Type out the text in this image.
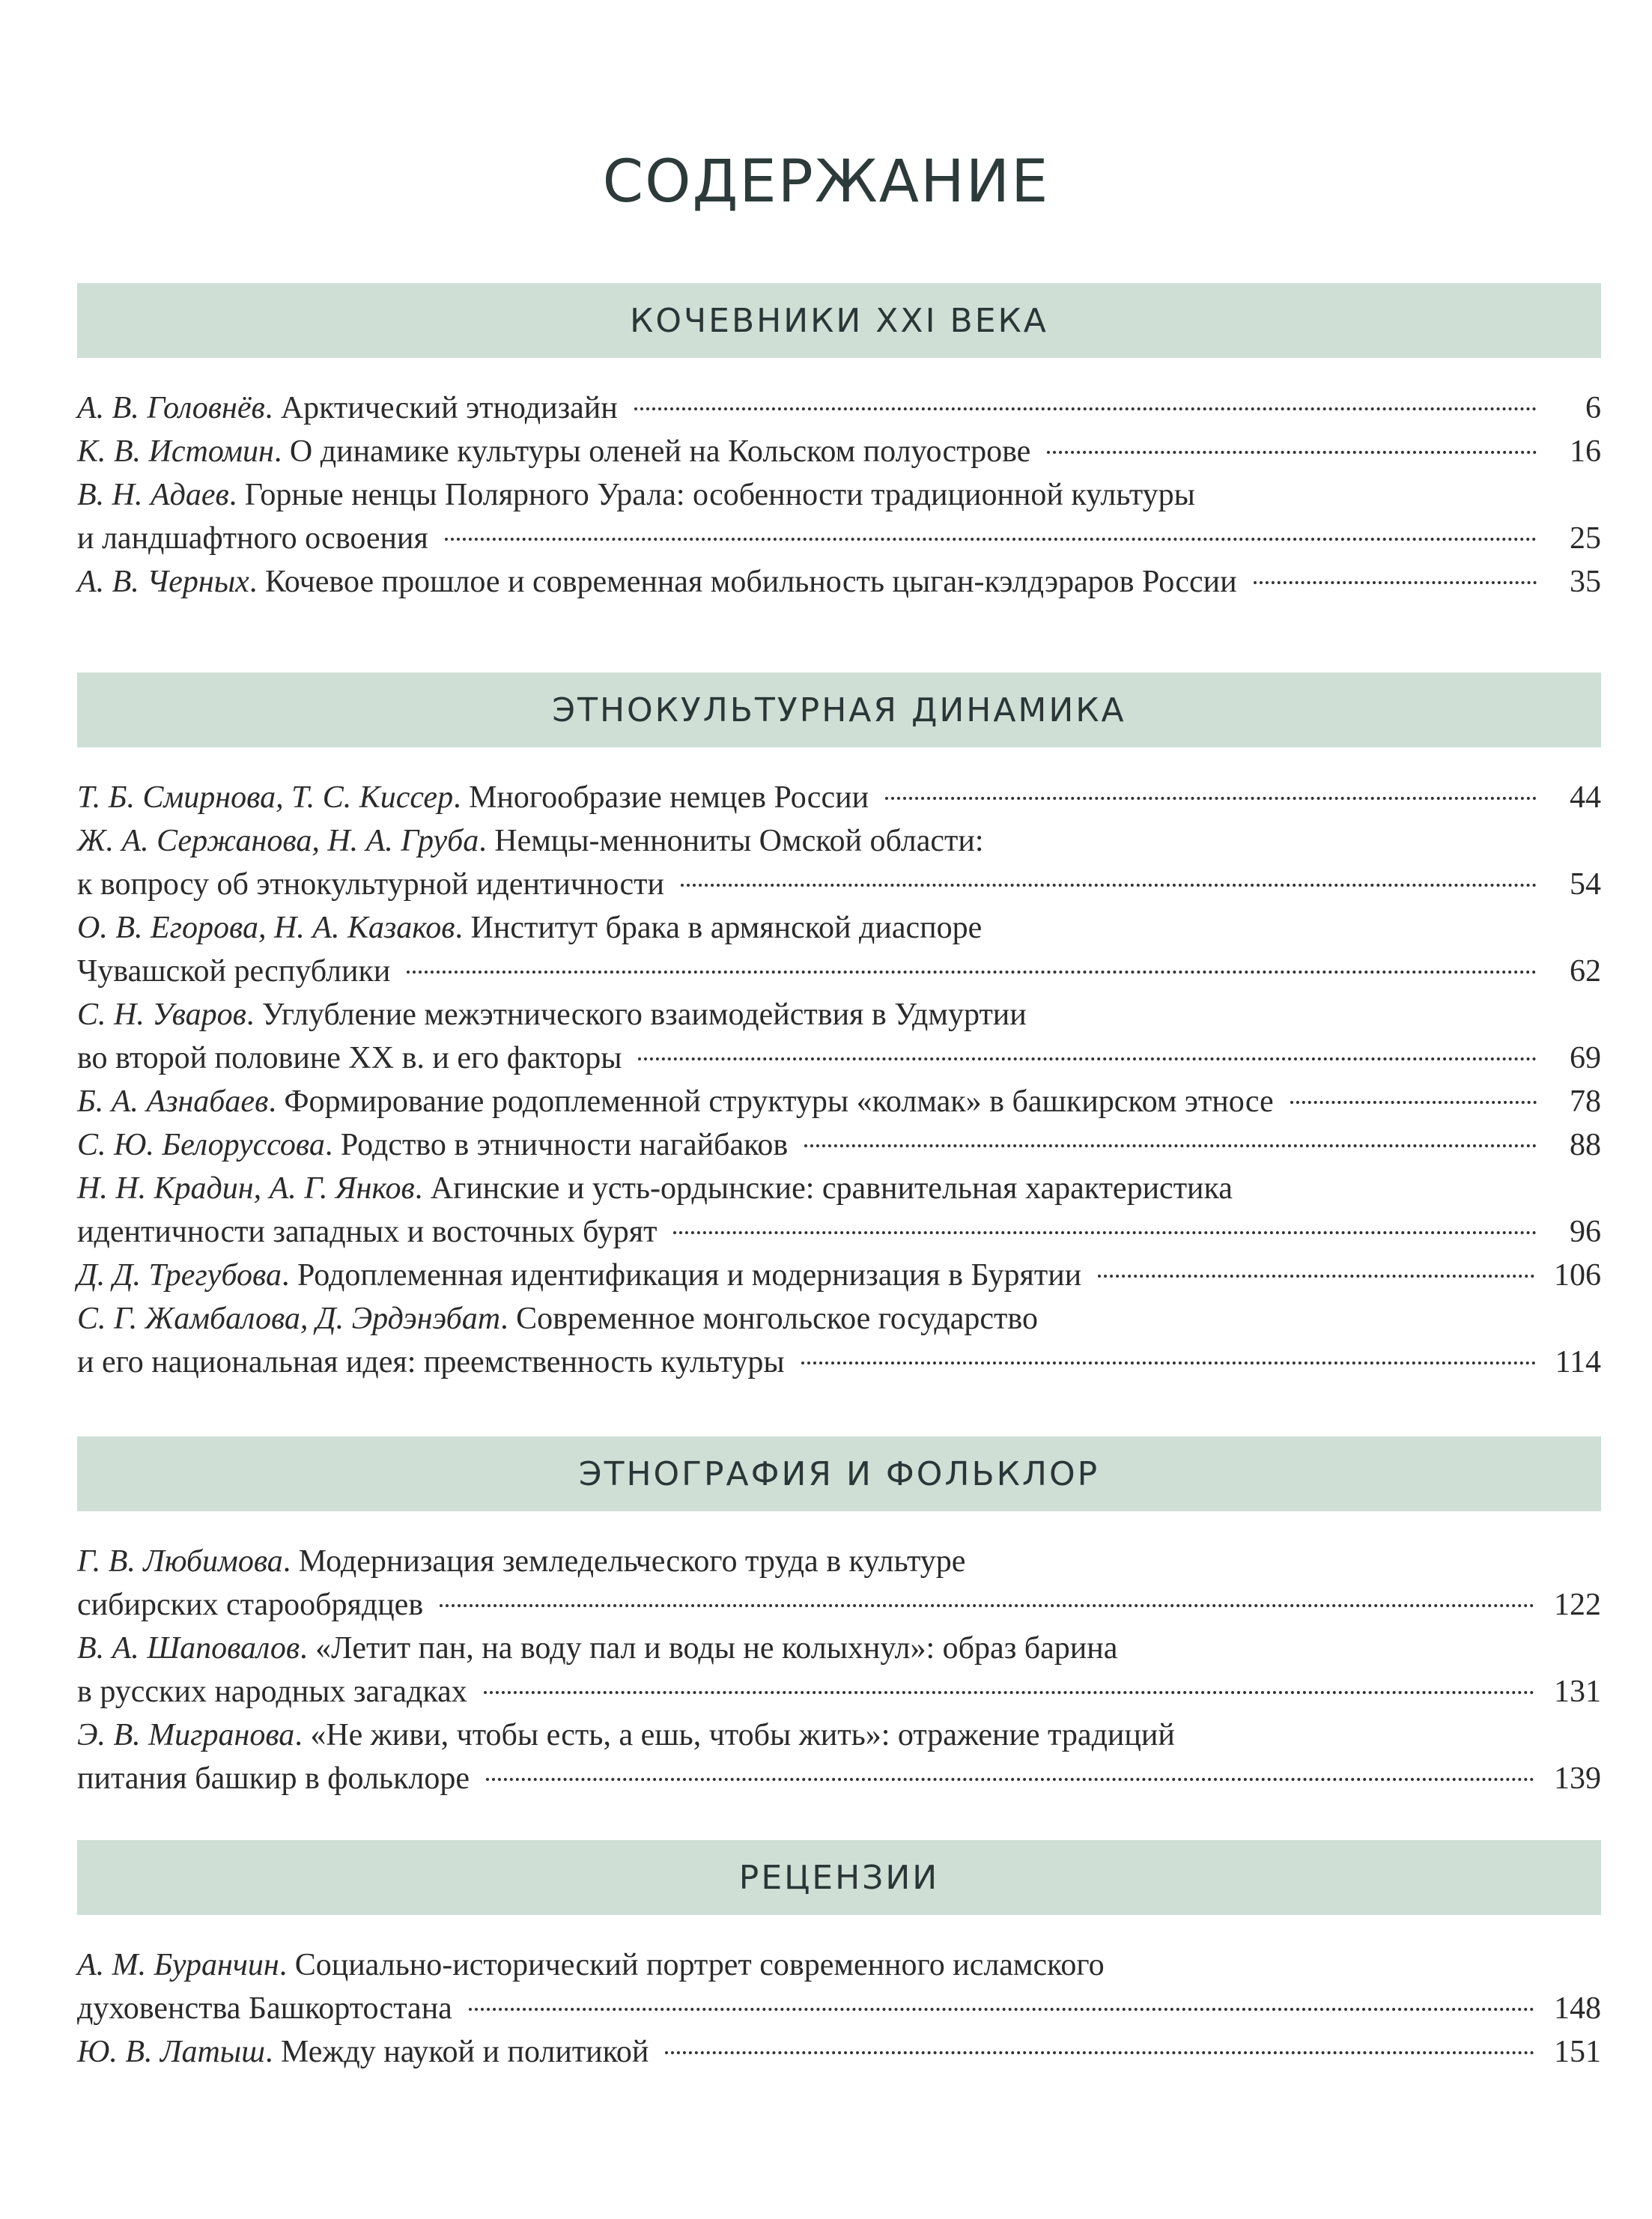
СОДЕРЖАНИЕ
КОЧЕВНИКИ XXI ВЕКА
А. В. Головнёв . Арктический этнодизайн	6
К. В. Истомин . О динамике культуры оленей на Кольском полуострове	16
В. Н. Адаев . Горные ненцы Полярного Урала: особенности традиционной культуры
и ландшафтного освоения	25
А. В. Черных . Кочевое прошлое и современная мобильность цыган-кэлдэраров России	35
ЭТНОКУЛЬТУРНАЯ ДИНАМИКА
Т. Б. Смирнова, Т. С. Киссер . Многообразие немцев России	44
Ж. А. Сержанова, Н. А. Груба . Немцы-меннониты Омской области:
к вопросу об этнокультурной идентичности	54
О. В. Егорова, Н. А. Казаков . Институт брака в армянской диаспоре
Чувашской республики	62
С. Н. Уваров . Углубление межэтнического взаимодействия в Удмуртии
во второй половине XX в. и его факторы	69
Б. А. Азнабаев . Формирование родоплеменной структуры «колмак» в башкирском этносе	78
С. Ю. Белоруссова . Родство в этничности нагайбаков	88
Н. Н. Крадин, А. Г. Янков . Агинские и усть-ордынские: сравнительная характеристика
идентичности западных и восточных бурят	96
Д. Д. Трегубова . Родоплеменная идентификация и модернизация в Бурятии	106
С. Г. Жамбалова, Д. Эрдэнэбат . Современное монгольское государство
и его национальная идея: преемственность культуры	114
ЭТНОГРАФИЯ И ФОЛЬКЛОР
Г. В. Любимова . Модернизация земледельческого труда в культуре
сибирских старообрядцев	122
В. А. Шаповалов . «Летит пан, на воду пал и воды не колыхнул»: образ барина
в русских народных загадках	131
Э. В. Мигранова . «Не живи, чтобы есть, а ешь, чтобы жить»: отражение традиций
питания башкир в фольклоре	139
РЕЦЕНЗИИ
А. М. Буранчин . Социально-исторический портрет современного исламского
духовенства Башкортостана	148
Ю. В. Латыш . Между наукой и политикой	151
